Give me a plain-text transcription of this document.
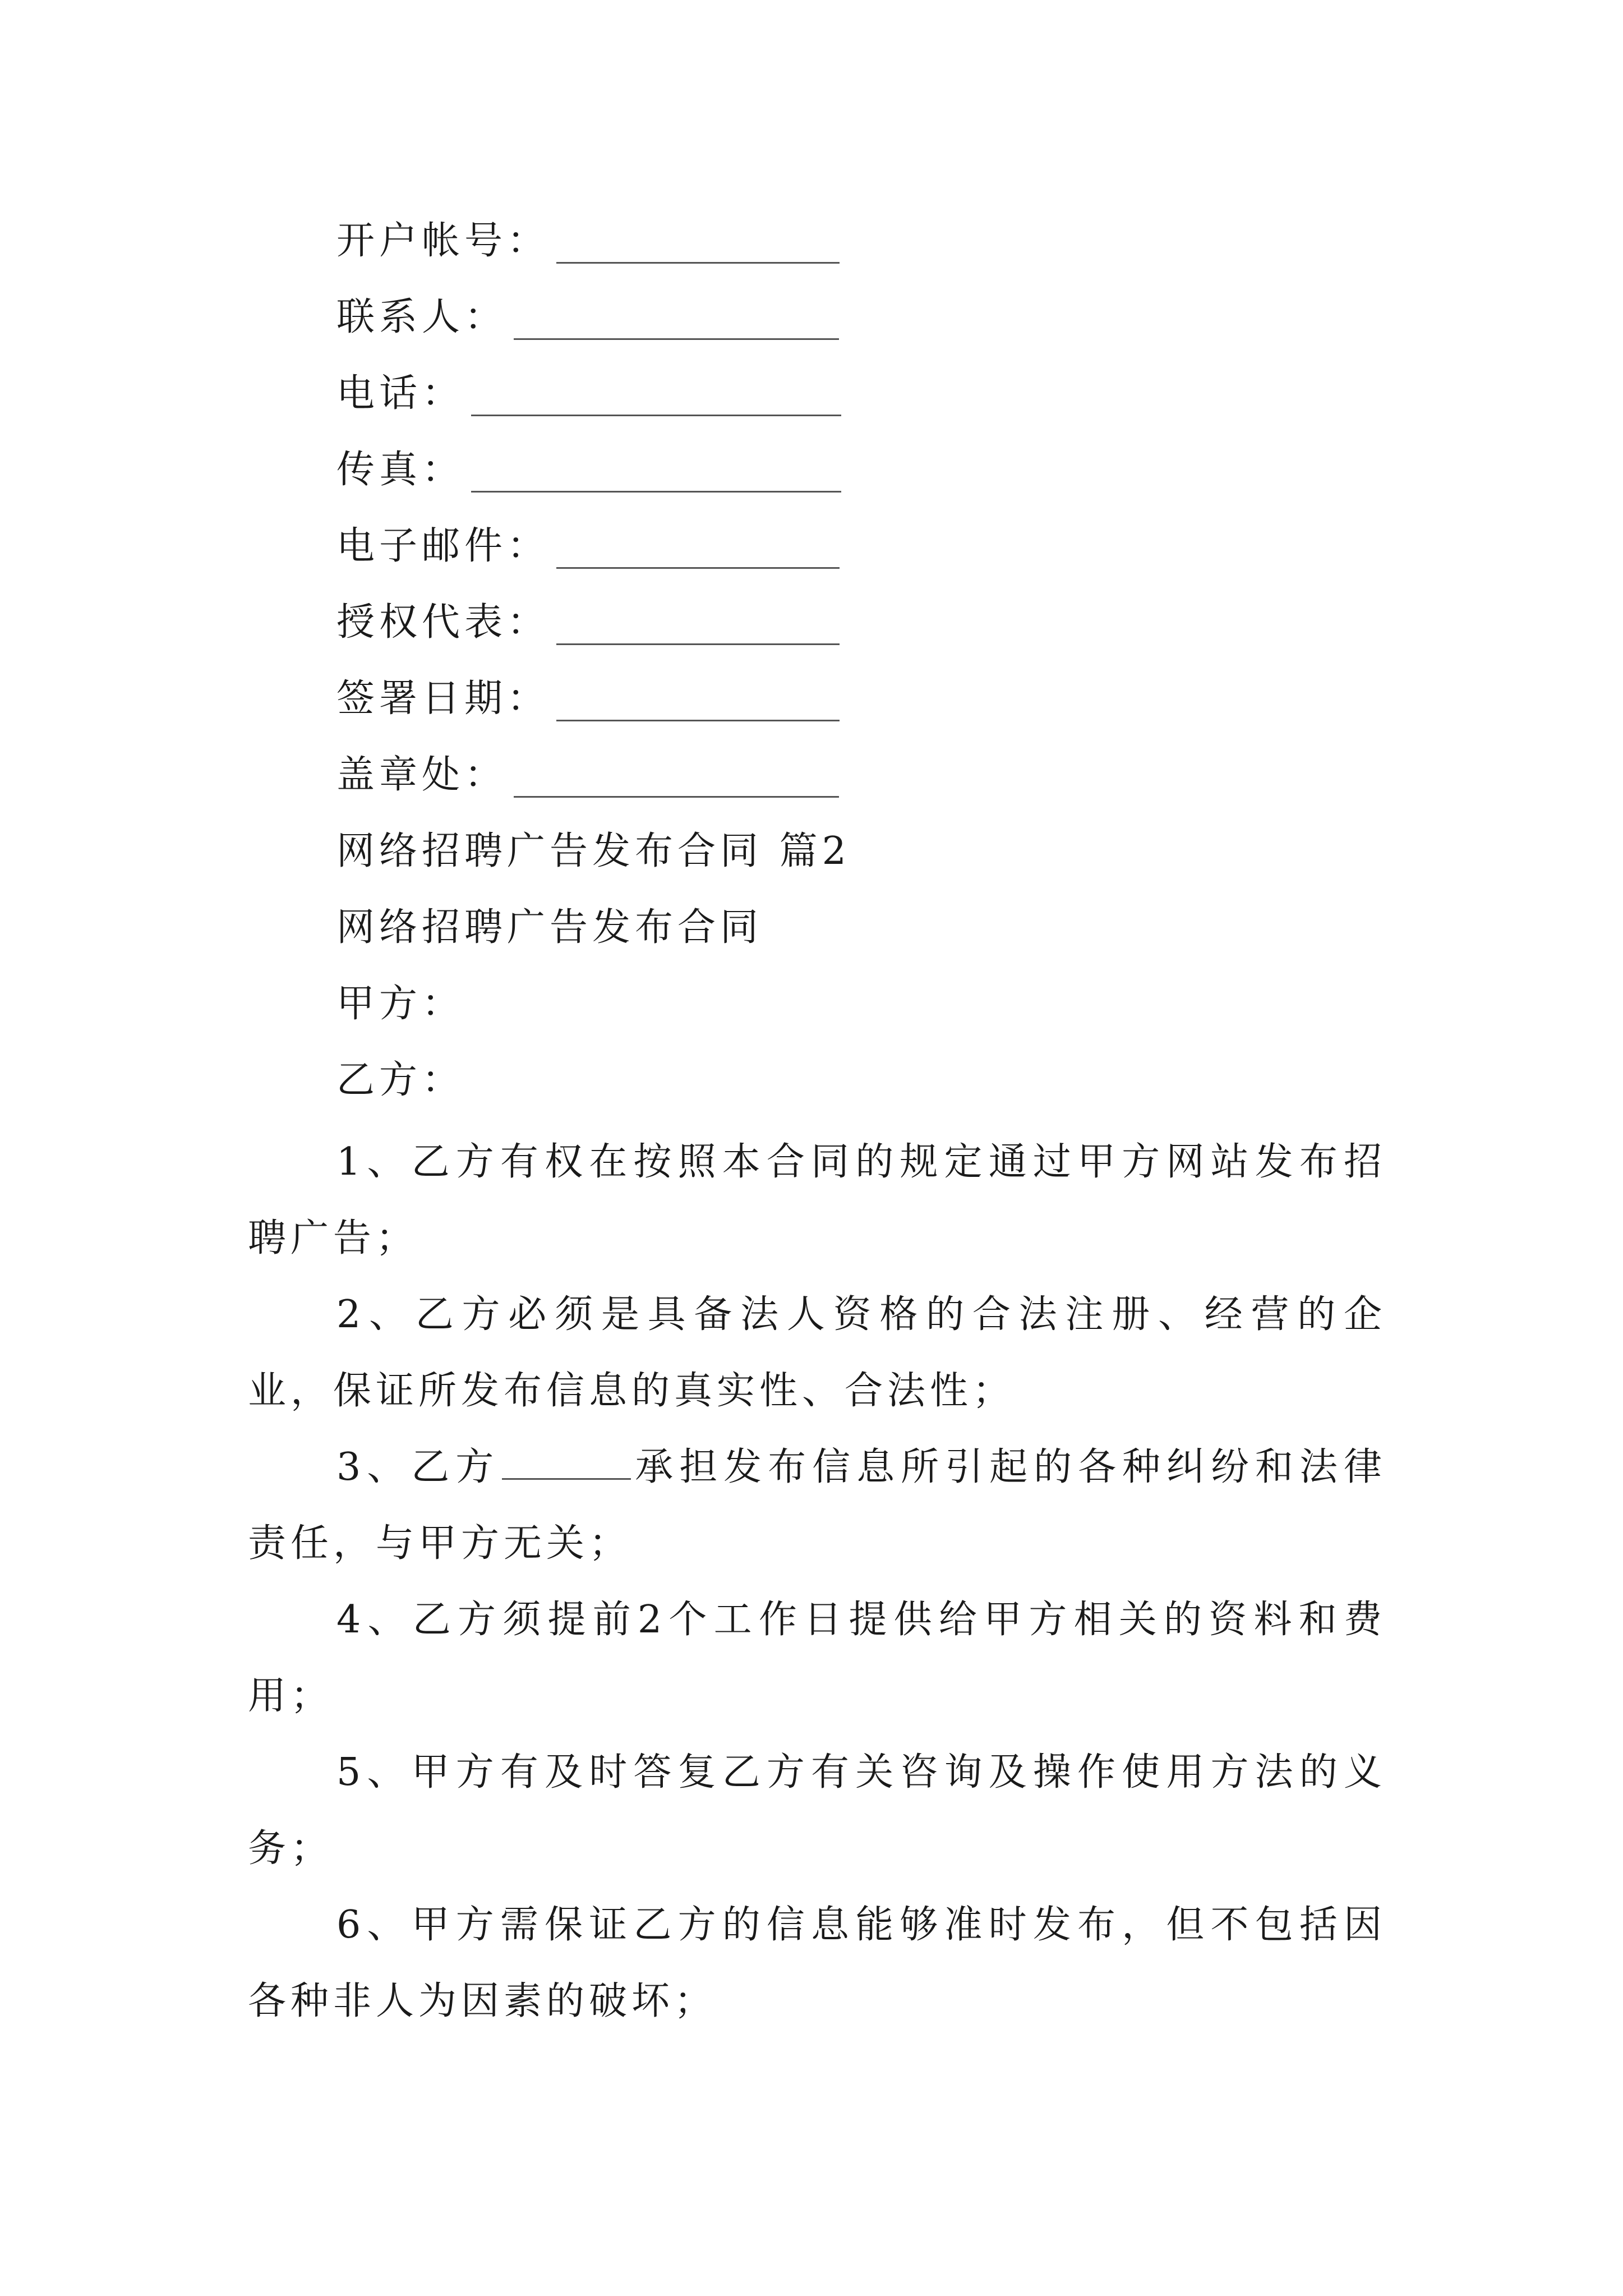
开户帐号：
联系人：
电话：
传真：
电子邮件：
授权代表：
签署日期：
盖章处：
网络招聘广告发布合同 篇2
网络招聘广告发布合同
甲方：
乙方：
1、乙方有权在按照本合同的规定通过甲方网站发布招聘广告；
2、乙方必须是具备法人资格的合法注册、经营的企业，保证所发布信息的真实性、合法性；
3、乙方	承担发布信息所引起的各种纠纷和法律责任，与甲方无关；
4、乙方须提前2个工作日提供给甲方相关的资料和费用；
5、甲方有及时答复乙方有关咨询及操作使用方法的义务；
6、甲方需保证乙方的信息能够准时发布，但不包括因各种非人为因素的破坏；
